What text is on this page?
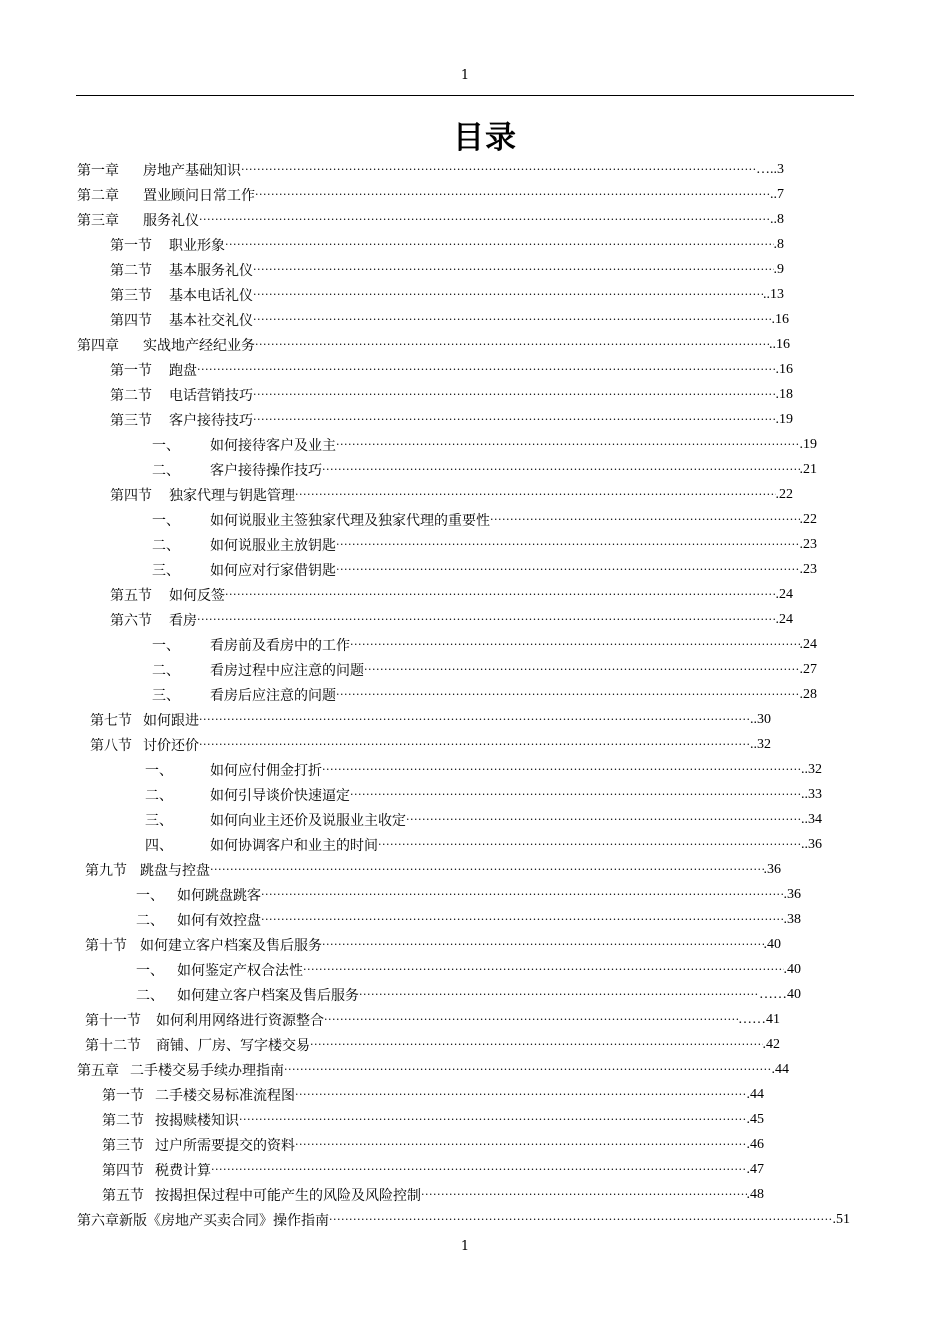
1
目录
第一章 房地产基础知识 ·····	…..3
第二章 置业顾问日常工作 ·····	..7
第三章 服务礼仪 ·····	..8
第一节 职业形象 ·····	.8
第二节 基本服务礼仪 ·····	.9
第三节 基本电话礼仪 ·····	..13
第四节 基本社交礼仪 ·····	.16
第四章 实战地产经纪业务 ·····	..16
第一节 跑盘 ·····	.16
第二节 电话营销技巧 ·····	.18
第三节 客户接待技巧 ·····	.19
一、 如何接待客户及业主 ·····	.19
二、 客户接待操作技巧 ·····	.21
第四节 独家代理与钥匙管理 ·····	.22
一、 如何说服业主签独家代理及独家代理的重要性 ·····	.22
二、 如何说服业主放钥匙 ·····	.23
三、 如何应对行家借钥匙 ·····	.23
第五节 如何反签 ·····	.24
第六节 看房 ·····	.24
一、 看房前及看房中的工作 ·····	.24
二、 看房过程中应注意的问题 ·····	.27
三、 看房后应注意的问题 ·····	.28
第七节 如何跟进 ·····	..30
第八节 讨价还价 ·····	..32
一、	如何应付佣金打折 ·····	..32
二、	如何引导谈价快速逼定 ·····	..33
三、	如何向业主还价及说服业主收定 ·····	..34
四、	如何协调客户和业主的时间 ·····	..36
第九节 跳盘与控盘 ·····	.36
一、 如何跳盘跳客 ·····	.36
二、 如何有效控盘 ·····	.38
第十节 如何建立客户档案及售后服务 ·····	.40
一、 如何鉴定产权合法性 ·····	.40
二、 如何建立客户档案及售后服务 ·····	……40
第十一节 如何利用网络进行资源整合 ·····	……41
第十二节 商铺、厂房、写字楼交易 ·····	.42
第五章 二手楼交易手续办理指南 ·····	.44
第一节 二手楼交易标准流程图 ·····	.44
第二节 按揭赎楼知识 ·····	.45
第三节 过户所需要提交的资料 ·····	.46
第四节 税费计算 ·····	.47
第五节 按揭担保过程中可能产生的风险及风险控制 ·····	.48
第六章新版《房地产买卖合同》操作指南 ·····	.51
1
